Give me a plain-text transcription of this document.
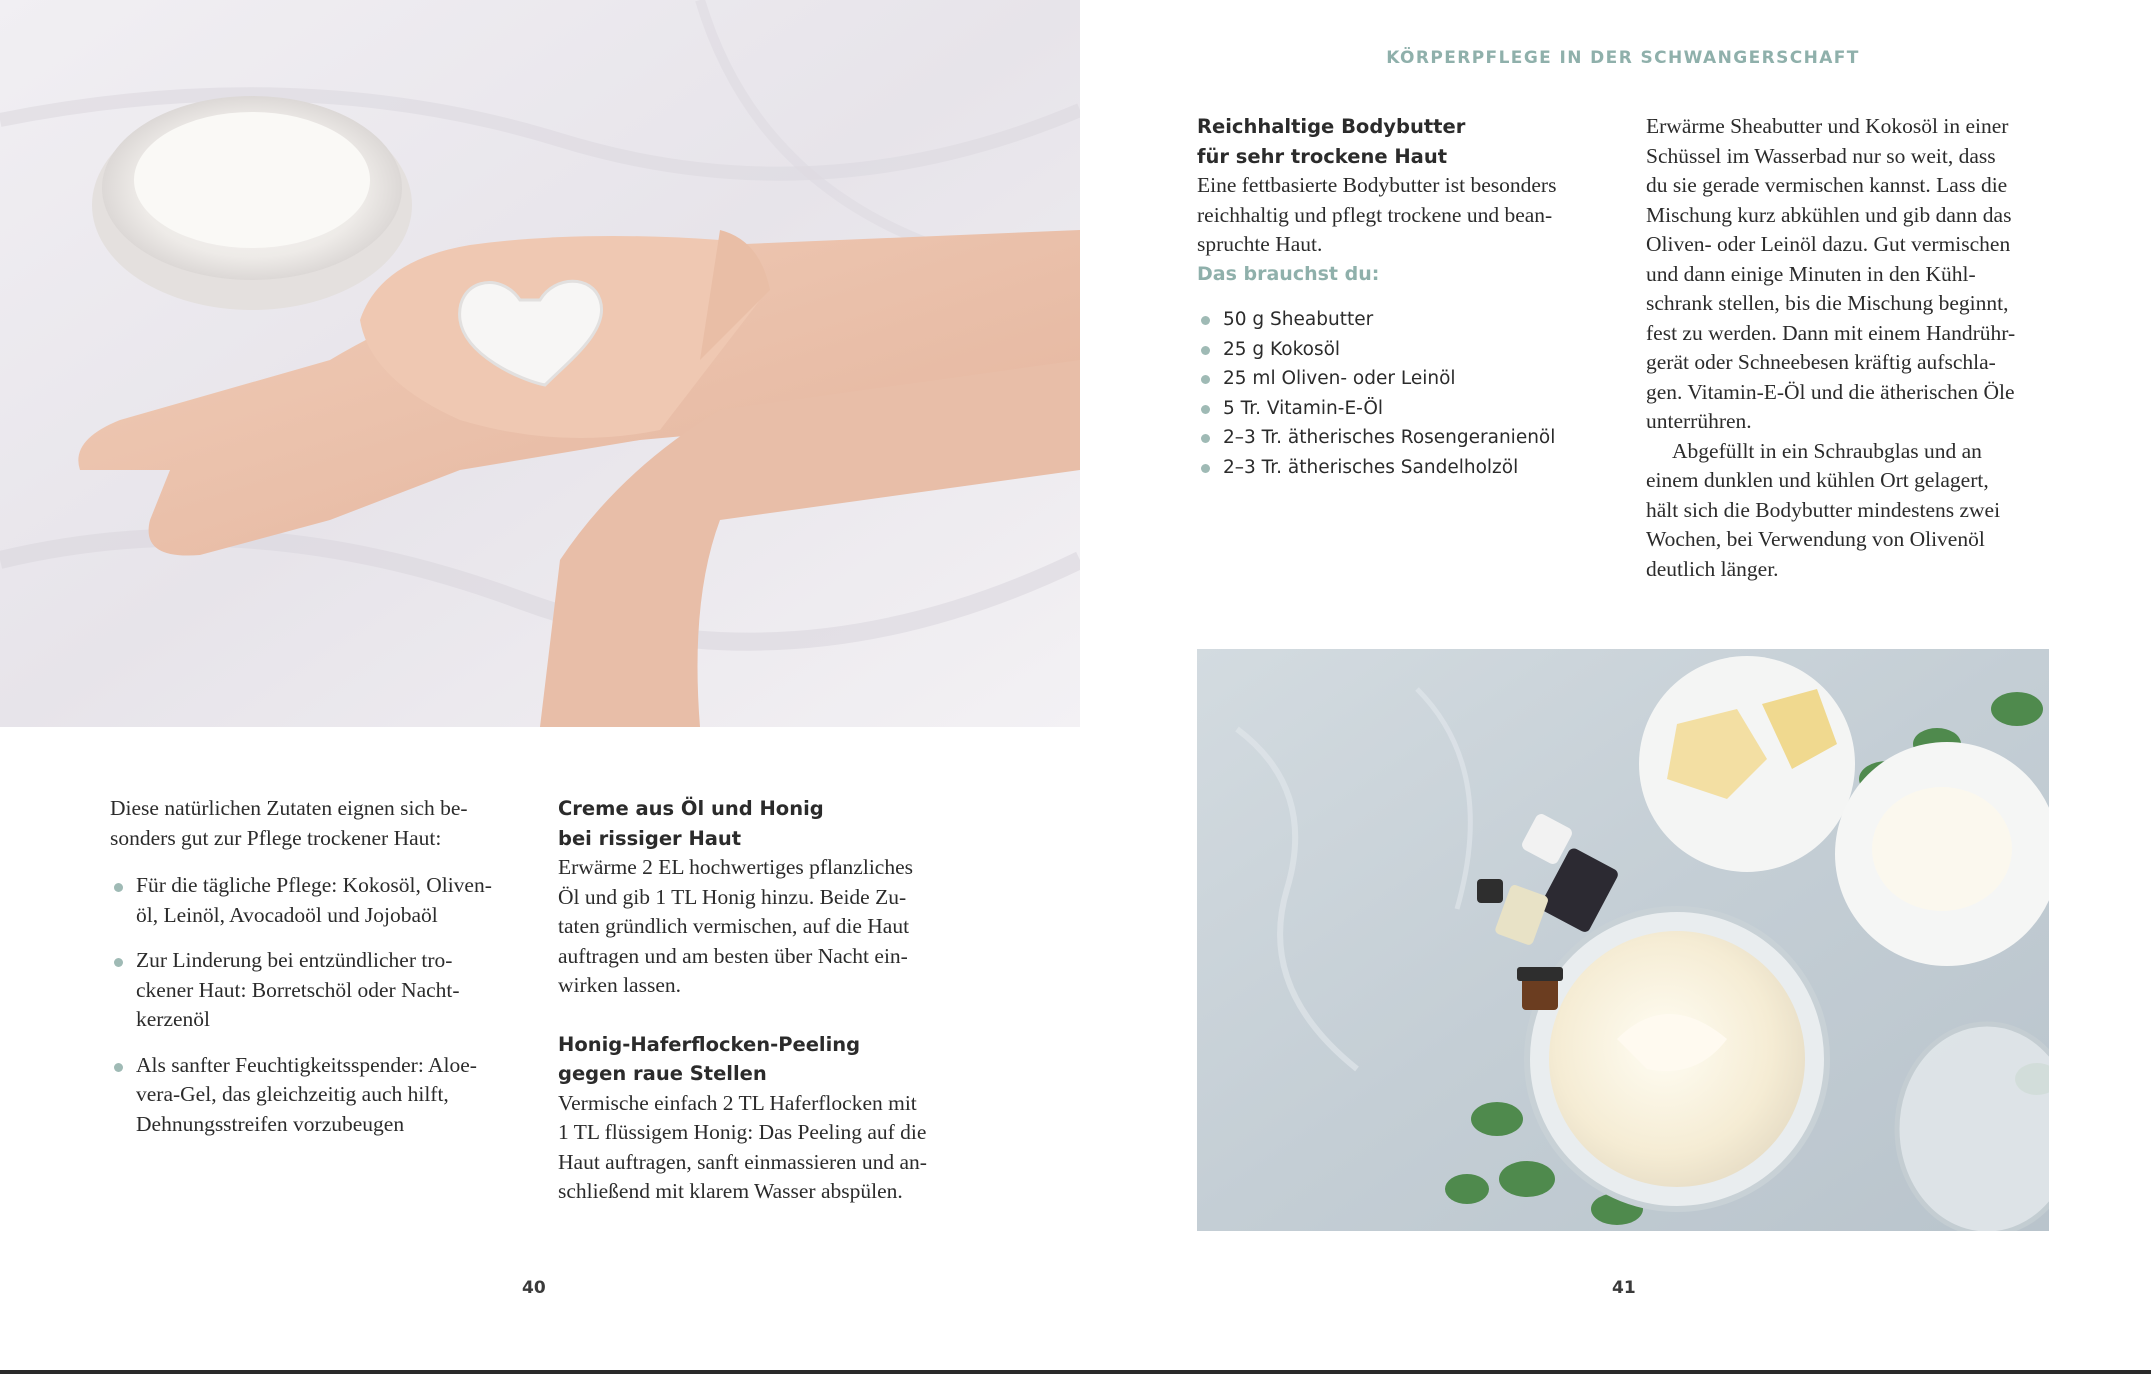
KÖRPERPFLEGE IN DER SCHWANGERSCHAFT

Reichhaltige Bodybutter

für sehr trockene Haut

Eine fettbasierte Bodybutter ist besonders

reichhaltig und pflegt trockene und bean-

spruchte Haut.

Das brauchst du:

50 g Sheabutter
25 g Kokosöl
25 ml Oliven- oder Leinöl
5 Tr. Vitamin-E-Öl
2–3 Tr. ätherisches Rosengeranienöl
2–3 Tr. ätherisches Sandelholzöl

Erwärme Sheabutter und Kokosöl in einer

Schüssel im Wasserbad nur so weit, dass

du sie gerade vermischen kannst. Lass die

Mischung kurz abkühlen und gib dann das

Oliven- oder Leinöl dazu. Gut vermischen

und dann einige Minuten in den Kühl-

schrank stellen, bis die Mischung beginnt,

fest zu werden. Dann mit einem Handrühr-

gerät oder Schneebesen kräftig aufschla-

gen. Vitamin-E-Öl und die ätherischen Öle

unterrühren.

Abgefüllt in ein Schraubglas und an

einem dunklen und kühlen Ort gelagert,

hält sich die Bodybutter mindestens zwei

Wochen, bei Verwendung von Olivenöl

deutlich länger.

Diese natürlichen Zutaten eignen sich be-

sonders gut zur Pflege trockener Haut:

Für die tägliche Pflege: Kokosöl, Oliven-

öl, Leinöl, Avocadoöl und Jojobaöl

Zur Linderung bei entzündlicher tro-

ckener Haut: Borretschöl oder Nacht-

kerzenöl

Als sanfter Feuchtigkeitsspender: Aloe-

vera-Gel, das gleichzeitig auch hilft,

Dehnungsstreifen vorzubeugen

Creme aus Öl und Honig

bei rissiger Haut

Erwärme 2 EL hochwertiges pflanzliches

Öl und gib 1 TL Honig hinzu. Beide Zu-

taten gründlich vermischen, auf die Haut

auftragen und am besten über Nacht ein-

wirken lassen.

Honig-Haferflocken-Peeling

gegen raue Stellen

Vermische einfach 2 TL Haferflocken mit

1 TL flüssigem Honig: Das Peeling auf die

Haut auftragen, sanft einmassieren und an-

schließend mit klarem Wasser abspülen.

40	41
